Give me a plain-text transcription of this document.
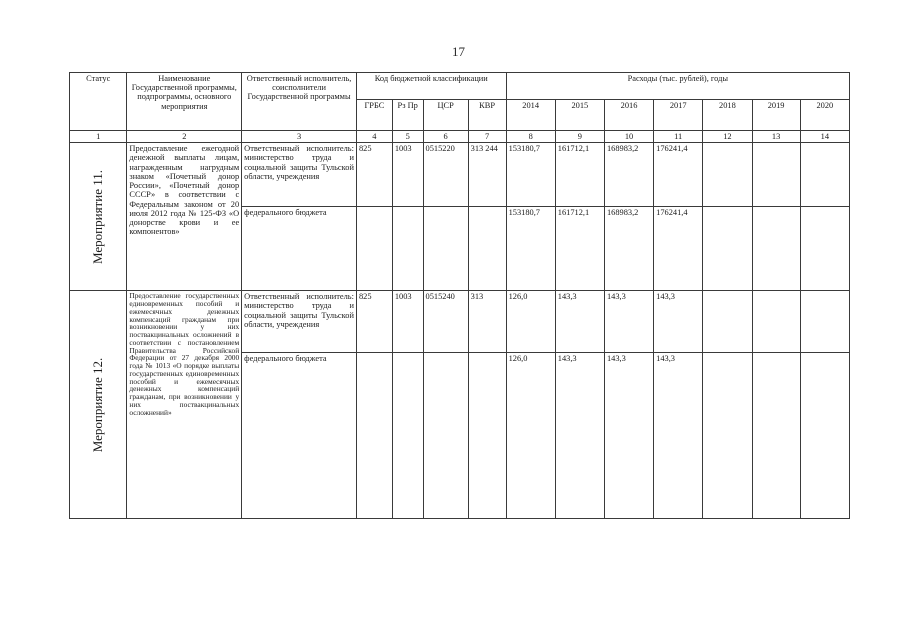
17
Статус	Наименование Государственной программы, подпрограммы, основного мероприятия	Ответственный исполнитель, соисполнители Государственной программы	Код бюджетной классификации				Расходы (тыс. рублей), годы						
			ГРБС	Рз Пр	ЦСР	КВР	2014	2015	2016	2017	2018	2019	2020
1	2	3	4	5	6	7	8	9	10	11	12	13	14

Мероприятие 11.	Предоставление ежегодной денежной выплаты лицам, награжденным нагрудным знаком «Почетный донор России», «Почетный донор СССР» в соответствии с Федеральным законом от 20 июля 2012 года № 125-ФЗ «О донорстве крови и ее компонентов»	Ответственный исполнитель: министерство труда и социальной защиты Тульской области, учреждения	825	1003	0515220	313 244	153180,7	161712,1	168983,2	176241,4			
		федерального бюджета					153180,7	161712,1	168983,2	176241,4			

Мероприятие 12.	Предоставление государственных единовременных пособий и ежемесячных денежных компенсаций гражданам при возникновении у них поствакцинальных осложнений в соответствии с постановлением Правительства Российской Федерации от 27 декабря 2000 года № 1013 «О порядке выплаты государственных единовременных пособий и ежемесячных денежных компенсаций гражданам, при возникновении у них поствакцинальных осложнений»	Ответственный исполнитель: министерство труда и социальной защиты Тульской области, учреждения	825	1003	0515240	313	126,0	143,3	143,3	143,3			
		федерального бюджета					126,0	143,3	143,3	143,3			
